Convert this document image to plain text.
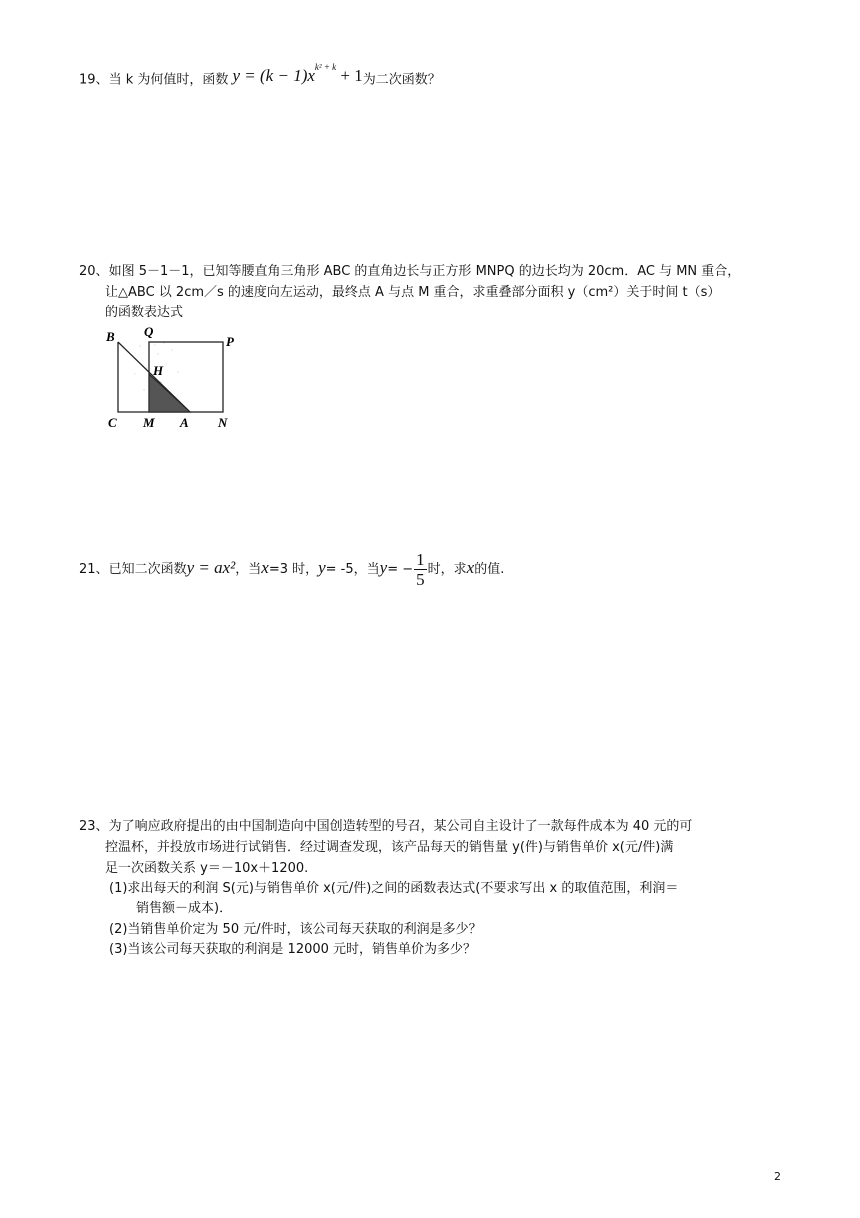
19、当 k 为何值时，函数 $y = (k - 1)x^{k^2 + k} + 1$为二次函数？
20、如图 5－1－1，已知等腰直角三角形 ABC 的直角边长与正方形 MNPQ 的边长均为 20cm．AC 与 MN 重合，
让△ABC 以 2cm／s 的速度向左运动，最终点 A 与点 M 重合，求重叠部分面积 y（cm²）关于时间 t（s）
的函数表达式
B Q
P
H
C M A N
21、已知二次函数y = ax²，当x=3 时，y= -5，当$y= - \frac{1}{5}$ 时，求x的值.
23、为了响应政府提出的由中国制造向中国创造转型的号召，某公司自主设计了一款每件成本为 40 元的可
控温杯，并投放市场进行试销售．经过调查发现，该产品每天的销售量 y(件)与销售单价 x(元/件)满
足一次函数关系 y＝－10x＋1200.
(1)求出每天的利润 S(元)与销售单价 x(元/件)之间的函数表达式(不要求写出 x 的取值范围，利润＝
销售额－成本)．
(2)当销售单价定为 50 元/件时，该公司每天获取的利润是多少？
(3)当该公司每天获取的利润是 12000 元时，销售单价为多少？
2
